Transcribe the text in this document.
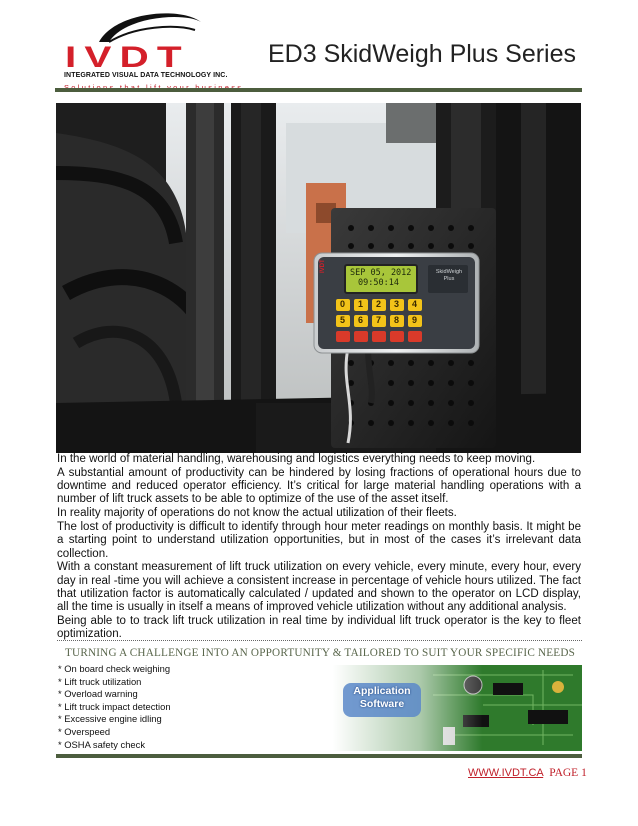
IVDT
INTEGRATED VISUAL DATA TECHNOLOGY INC.
ED3 SkidWeigh Plus Series
SEP 05, 2012
09:50:14
IVDT	SkidWeigh
Plus
0 1 2 3 4
5 6 7 8 9

In the world of material handling, warehousing and logistics everything needs to keep moving.

A substantial amount of productivity can be hindered by losing fractions of operational hours due to downtime and reduced operator efficiency. It’s critical for large material handling operations with a number of lift truck assets to be able to optimize of the use of the asset itself.

In reality majority of operations do not know the actual utilization of their fleets.

The lost of productivity is difficult to identify through hour meter readings on monthly basis. It might be a starting point to understand utilization opportunities, but in most of the cases it’s irrelevant data collection.

With a constant measurement of lift truck utilization on every vehicle, every minute, every hour, every day in real -time you will achieve a consistent increase in percentage of vehicle hours utilized. The fact that utilization factor is automatically calculated / updated and shown to the operator on LCD display, all the time is usually in itself a means of improved vehicle utilization without any additional analysis.

Being able to to track lift truck utilization in real time by individual lift truck operator is the key to fleet optimization.

TURNING A CHALLENGE INTO AN OPPORTUNITY & TAILORED TO SUIT YOUR SPECIFIC NEEDS
* On board check weighing
* Lift truck utilization
* Overload warning
* Lift truck impact detection
* Excessive engine idling
* Overspeed
* OSHA safety check
Application
Software
WWW.IVDT.CA PAGE 1
